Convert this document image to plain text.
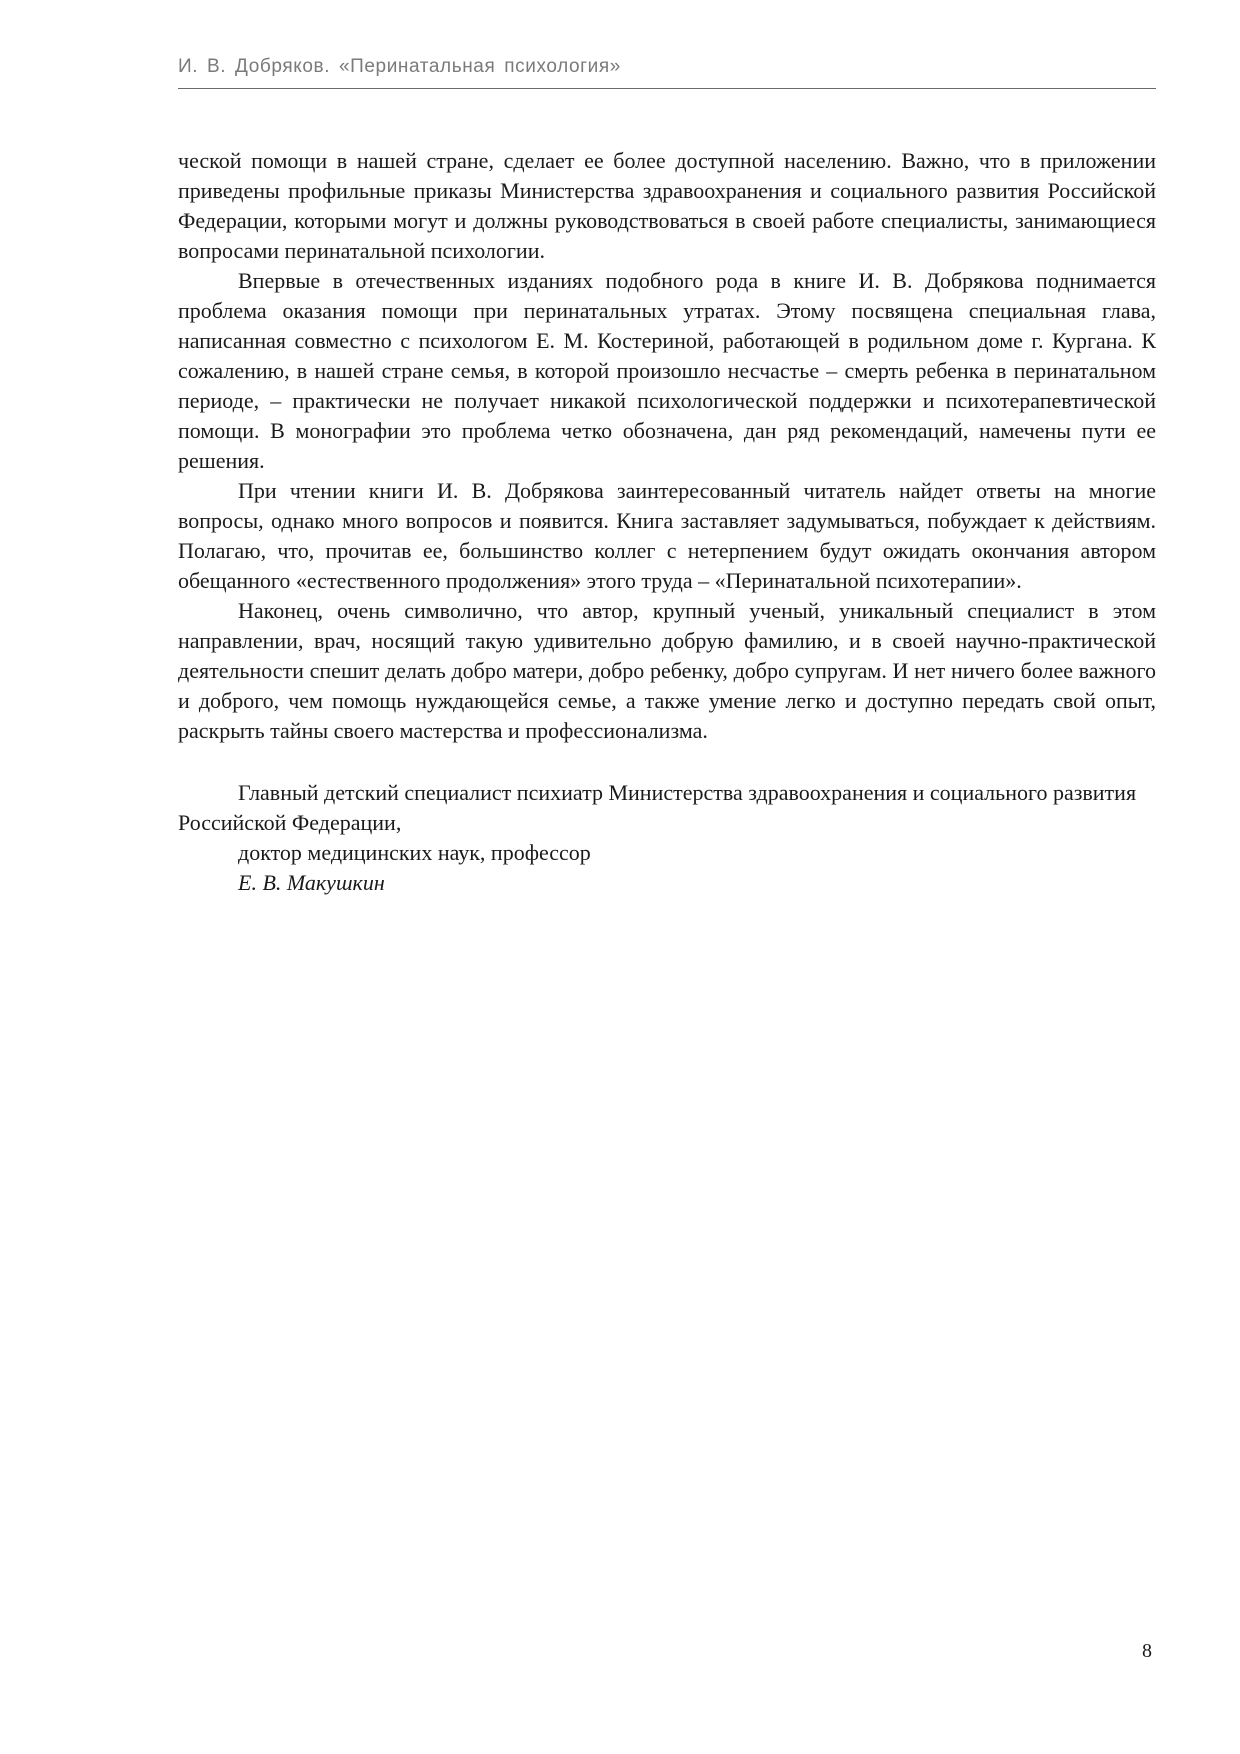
И. В. Добряков. «Перинатальная психология»

ческой помощи в нашей стране, сделает ее более доступной населению. Важно, что в приложении приведены профильные приказы Министерства здравоохранения и социального развития Российской Федерации, которыми могут и должны руководствоваться в своей работе специалисты, занимающиеся вопросами перинатальной психологии.

Впервые в отечественных изданиях подобного рода в книге И. В. Добрякова поднимается проблема оказания помощи при перинатальных утратах. Этому посвящена специальная глава, написанная совместно с психологом Е. М. Костериной, работающей в родильном доме г. Кургана. К сожалению, в нашей стране семья, в которой произошло несчастье – смерть ребенка в перинатальном периоде, – практически не получает никакой психологической поддержки и психотерапевтической помощи. В монографии это проблема четко обозначена, дан ряд рекомендаций, намечены пути ее решения.

При чтении книги И. В. Добрякова заинтересованный читатель найдет ответы на многие вопросы, однако много вопросов и появится. Книга заставляет задумываться, побуждает к действиям. Полагаю, что, прочитав ее, большинство коллег с нетерпением будут ожидать окончания автором обещанного «естественного продолжения» этого труда – «Перинатальной психотерапии».

Наконец, очень символично, что автор, крупный ученый, уникальный специалист в этом направлении, врач, носящий такую удивительно добрую фамилию, и в своей научно-практической деятельности спешит делать добро матери, добро ребенку, добро супругам. И нет ничего более важного и доброго, чем помощь нуждающейся семье, а также умение легко и доступно передать свой опыт, раскрыть тайны своего мастерства и профессионализма.

Главный детский специалист психиатр Министерства здравоохранения и социального развития Российской Федерации,
доктор медицинских наук, профессор
Е. В. Макушкин
8
